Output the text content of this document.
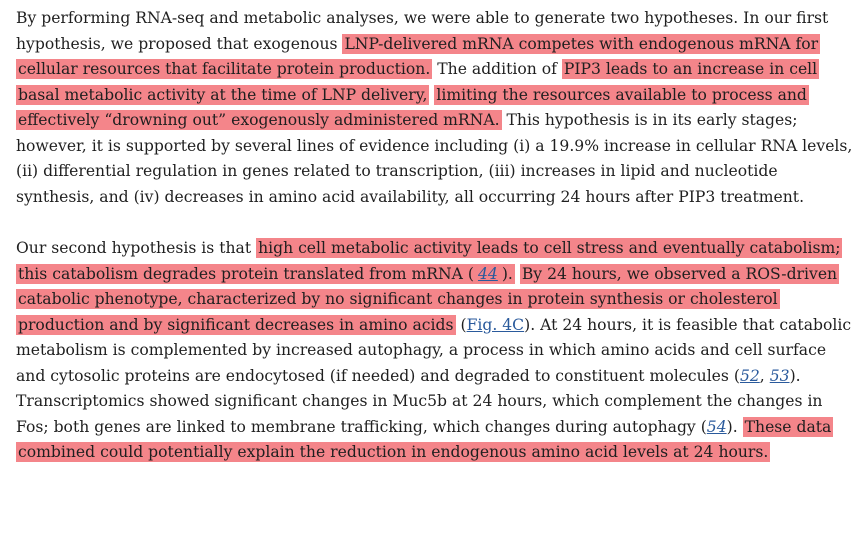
By performing RNA-seq and metabolic analyses, we were able to generate two hypotheses. In our first hypothesis, we proposed that exogenous LNP-delivered mRNA competes with endogenous mRNA for cellular resources that facilitate protein production. The addition of PIP3 leads to an increase in cell basal metabolic activity at the time of LNP delivery, limiting the resources available to process and effectively “drowning out” exogenously administered mRNA. This hypothesis is in its early stages; however, it is supported by several lines of evidence including (i) a 19.9% increase in cellular RNA levels, (ii) differential regulation in genes related to transcription, (iii) increases in lipid and nucleotide synthesis, and (iv) decreases in amino acid availability, all occurring 24 hours after PIP3 treatment.

Our second hypothesis is that high cell metabolic activity leads to cell stress and eventually catabolism; this catabolism degrades protein translated from mRNA ( 44 ). By 24 hours, we observed a ROS-driven catabolic phenotype, characterized by no significant changes in protein synthesis or cholesterol production and by significant decreases in amino acids (Fig. 4C). At 24 hours, it is feasible that catabolic metabolism is complemented by increased autophagy, a process in which amino acids and cell surface and cytosolic proteins are endocytosed (if needed) and degraded to constituent molecules (52, 53). Transcriptomics showed significant changes in Muc5b at 24 hours, which complement the changes in Fos; both genes are linked to membrane trafficking, which changes during autophagy (54). These data combined could potentially explain the reduction in endogenous amino acid levels at 24 hours.
